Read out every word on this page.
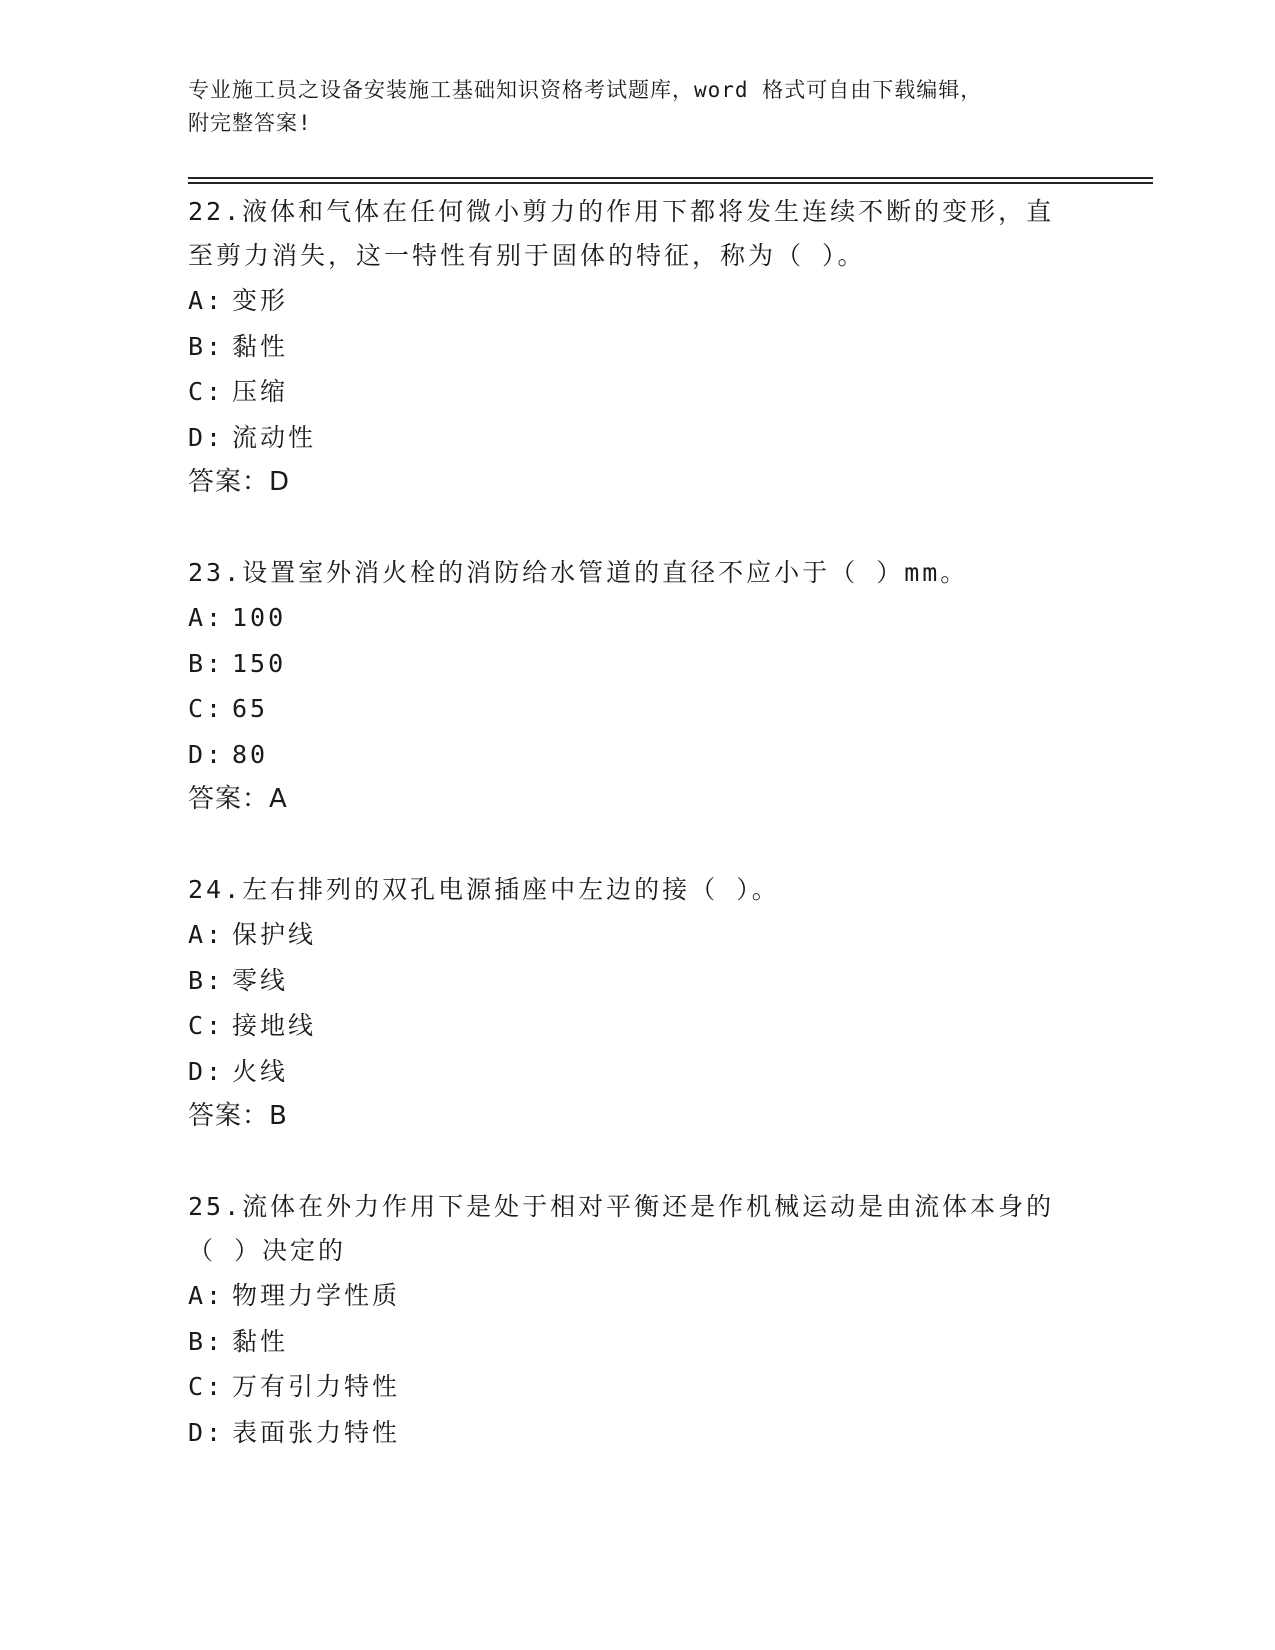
专业施工员之设备安装施工基础知识资格考试题库，word 格式可自由下载编辑，
附完整答案!
22.液体和气体在任何微小剪力的作用下都将发生连续不断的变形，直
至剪力消失，这一特性有别于固体的特征，称为（ ）。
A: 变形
B: 黏性
C: 压缩
D: 流动性
答案：D
23.设置室外消火栓的消防给水管道的直径不应小于（ ）mm。
A: 100
B: 150
C: 65
D: 80
答案：A
24.左右排列的双孔电源插座中左边的接（ ）。
A: 保护线
B: 零线
C: 接地线
D: 火线
答案：B
25.流体在外力作用下是处于相对平衡还是作机械运动是由流体本身的
（ ）决定的
A: 物理力学性质
B: 黏性
C: 万有引力特性
D: 表面张力特性
